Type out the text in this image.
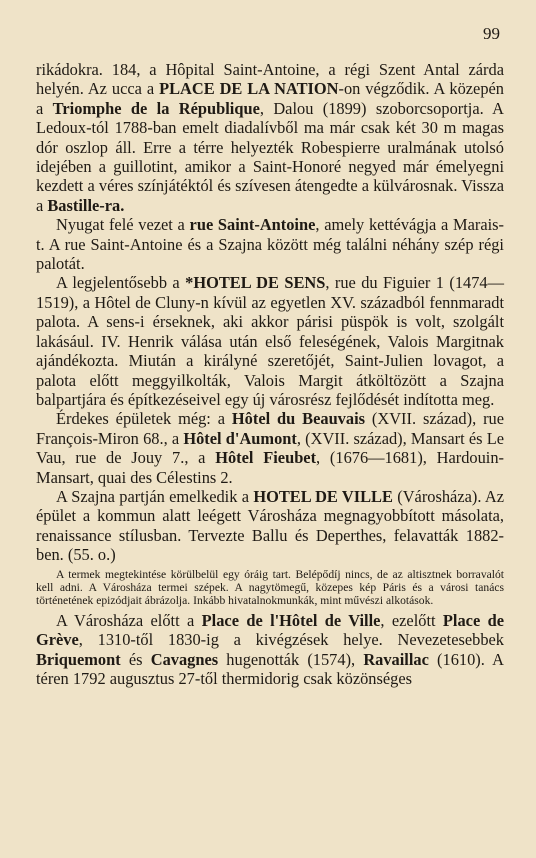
99

rikádokra. 184, a Hôpital Saint-Antoine, a régi Szent Antal zárda helyén. Az ucca a PLACE DE LA NATION-on végződik. A közepén a Triomphe de la République, Dalou (1899) szoborcsoportja. A Ledoux-tól 1788-ban emelt diadalívből ma már csak két 30 m magas dór oszlop áll. Erre a térre helyezték Robespierre uralmának utolsó idejében a guillotint, amikor a Saint-Honoré negyed már émelyegni kezdett a véres színjátéktól és szívesen átengedte a külvárosnak. Vissza a Bastille-ra.

Nyugat felé vezet a rue Saint-Antoine, amely kettévágja a Marais-t. A rue Saint-Antoine és a Szajna között még találni néhány szép régi palotát.

A legjelentősebb a *HOTEL DE SENS, rue du Figuier 1 (1474—1519), a Hôtel de Cluny-n kívül az egyetlen XV. századból fennmaradt palota. A sens-i érseknek, aki akkor párisi püspök is volt, szolgált lakásául. IV. Henrik válása után első feleségének, Valois Margitnak ajándékozta. Miután a királyné szeretőjét, Saint-Julien lovagot, a palota előtt meggyilkolták, Valois Margit átköltözött a Szajna balpartjára és építkezéseivel egy új városrész fejlődését indította meg.

Érdekes épületek még: a Hôtel du Beauvais (XVII. század), rue François-Miron 68., a Hôtel d'Aumont, (XVII. század), Mansart és Le Vau, rue de Jouy 7., a Hôtel Fieubet, (1676—1681), Hardouin-Mansart, quai des Célestins 2.

A Szajna partján emelkedik a HOTEL DE VILLE (Városháza). Az épület a kommun alatt leégett Városháza megnagyobbított másolata, renaissance stílusban. Tervezte Ballu és Deperthes, felavatták 1882-ben. (55. o.)

A termek megtekintése körülbelül egy óráig tart. Belépődíj nincs, de az altisztnek borravalót kell adni. A Városháza termei szépek. A nagytömegű, közepes kép Páris és a városi tanács történetének epizódjait ábrázolja. Inkább hivatalnokmunkák, mint művészi alkotások.

A Városháza előtt a Place de l'Hôtel de Ville, ezelőtt Place de Grève, 1310-től 1830-ig a kivégzések helye. Nevezetesebbek Briquemont és Cavagnes hugenották (1574), Ravaillac (1610). A téren 1792 augusztus 27-től thermidorig csak közönséges
